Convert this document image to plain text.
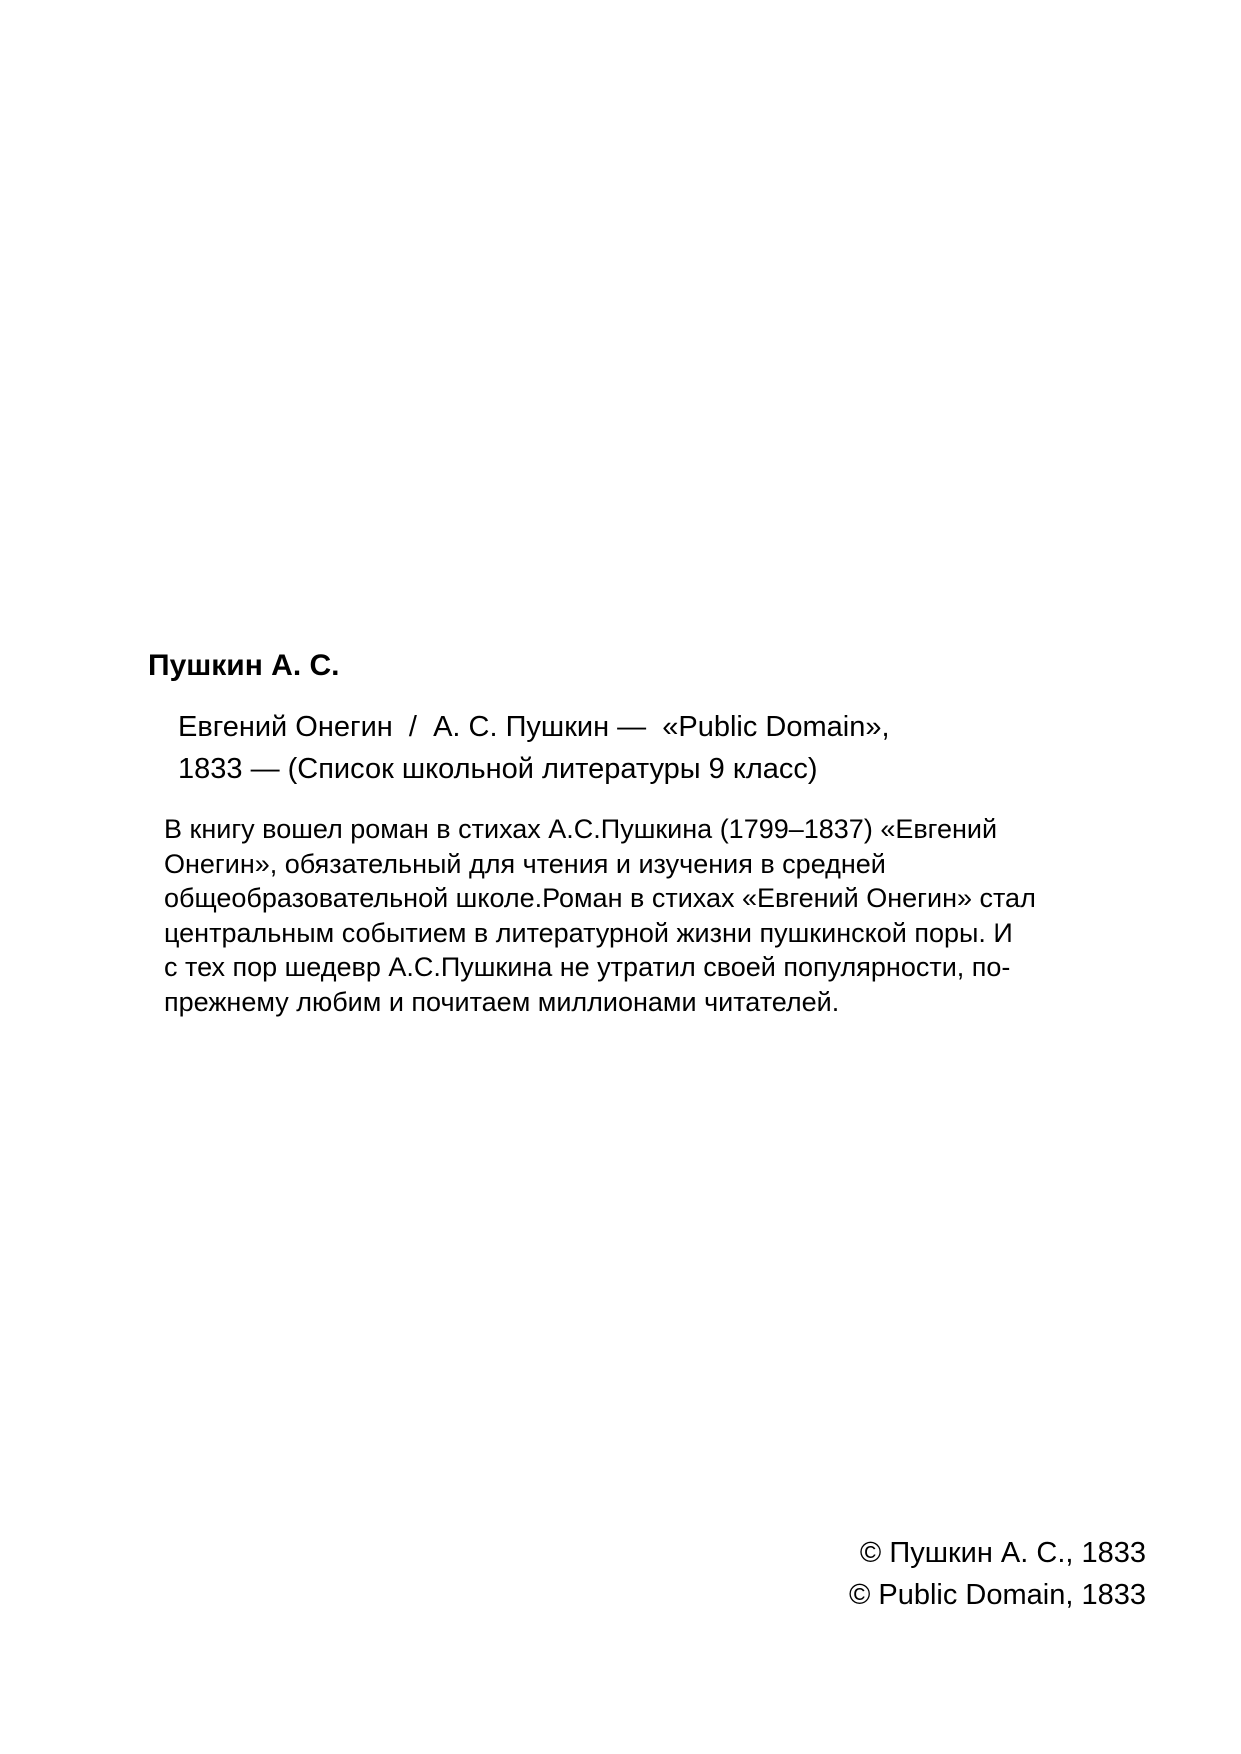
Пушкин А. С.

Евгений Онегин  /  А. С. Пушкин —  «Public Domain»,
1833 — (Список школьной литературы 9 класс)

В книгу вошел роман в стихах А.С.Пушкина (1799–1837) «Евгений
Онегин», обязательный для чтения и изучения в средней
общеобразовательной школе.Роман в стихах «Евгений Онегин» стал
центральным событием в литературной жизни пушкинской поры. И
с тех пор шедевр А.С.Пушкина не утратил своей популярности, по-
прежнему любим и почитаем миллионами читателей.

© Пушкин А. С., 1833
© Public Domain, 1833
